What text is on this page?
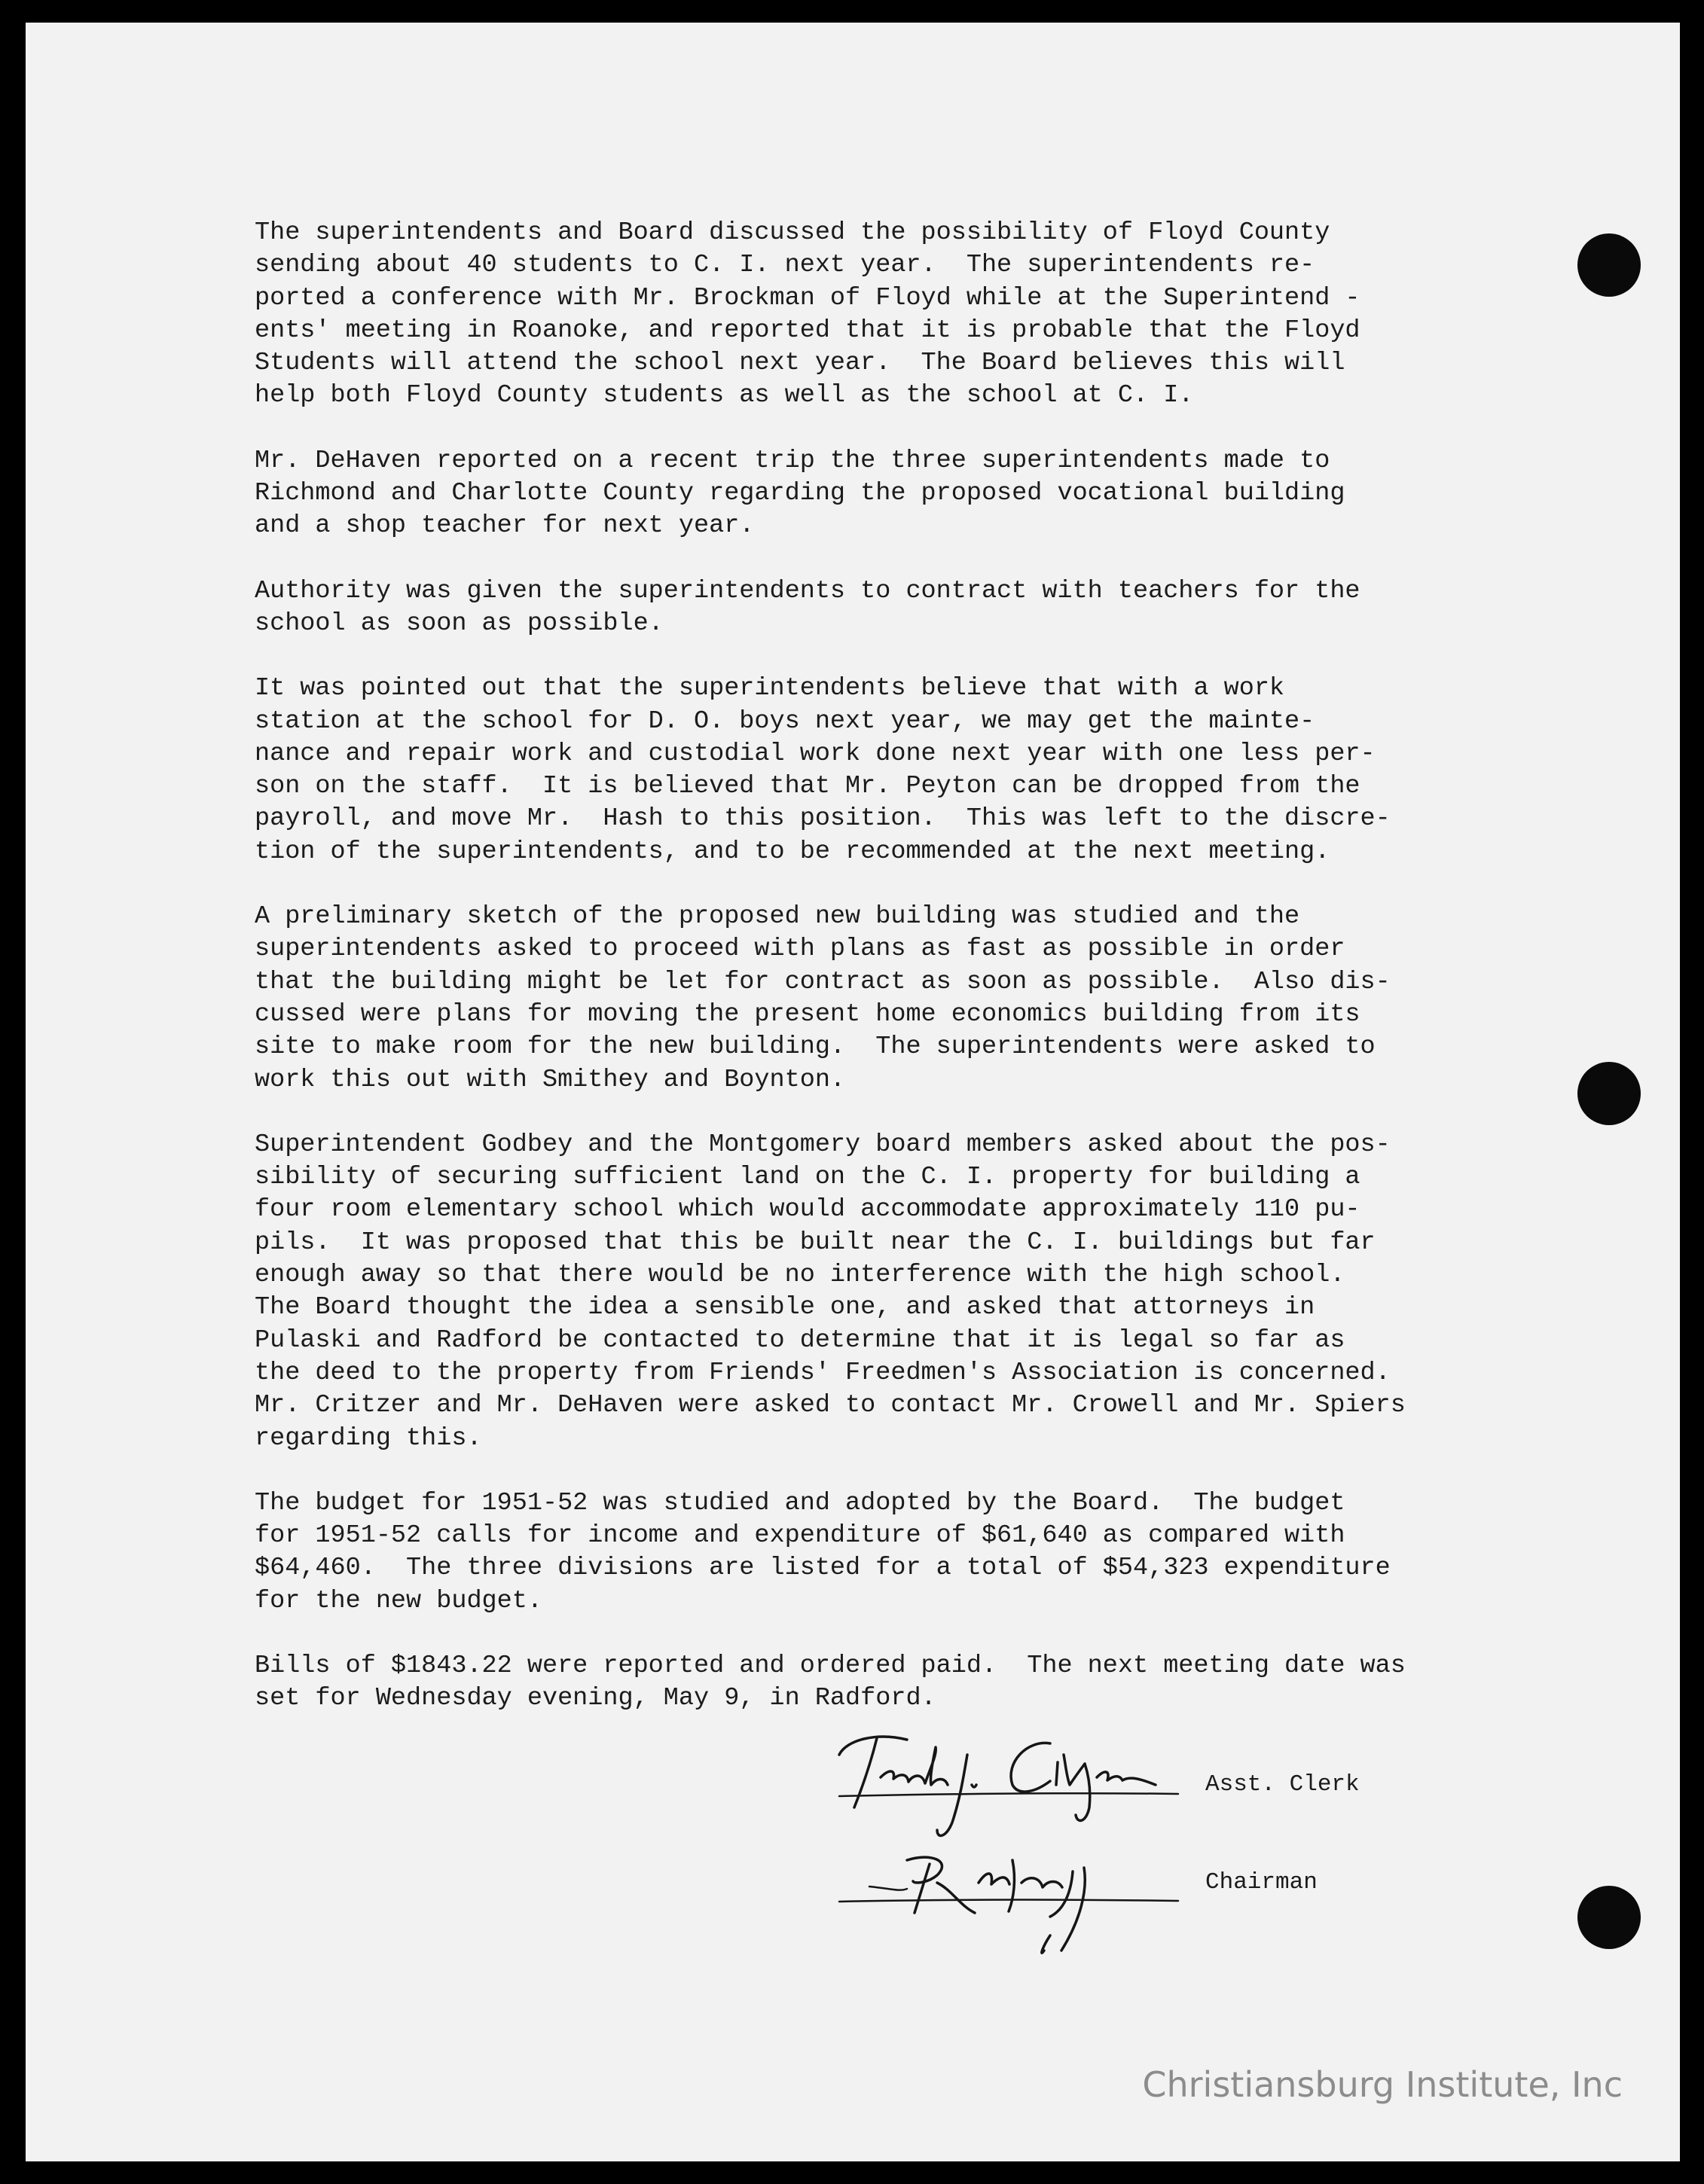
The superintendents and Board discussed the possibility of Floyd County
sending about 40 students to C. I. next year.  The superintendents re-
ported a conference with Mr. Brockman of Floyd while at the Superintend -
ents' meeting in Roanoke, and reported that it is probable that the Floyd
Students will attend the school next year.  The Board believes this will
help both Floyd County students as well as the school at C. I.

Mr. DeHaven reported on a recent trip the three superintendents made to
Richmond and Charlotte County regarding the proposed vocational building
and a shop teacher for next year.

Authority was given the superintendents to contract with teachers for the
school as soon as possible.

It was pointed out that the superintendents believe that with a work
station at the school for D. O. boys next year, we may get the mainte-
nance and repair work and custodial work done next year with one less per-
son on the staff.  It is believed that Mr. Peyton can be dropped from the
payroll, and move Mr.  Hash to this position.  This was left to the discre-
tion of the superintendents, and to be recommended at the next meeting.

A preliminary sketch of the proposed new building was studied and the
superintendents asked to proceed with plans as fast as possible in order
that the building might be let for contract as soon as possible.  Also dis-
cussed were plans for moving the present home economics building from its
site to make room for the new building.  The superintendents were asked to
work this out with Smithey and Boynton.

Superintendent Godbey and the Montgomery board members asked about the pos-
sibility of securing sufficient land on the C. I. property for building a
four room elementary school which would accommodate approximately 110 pu-
pils.  It was proposed that this be built near the C. I. buildings but far
enough away so that there would be no interference with the high school.
The Board thought the idea a sensible one, and asked that attorneys in
Pulaski and Radford be contacted to determine that it is legal so far as
the deed to the property from Friends' Freedmen's Association is concerned.
Mr. Critzer and Mr. DeHaven were asked to contact Mr. Crowell and Mr. Spiers
regarding this.

The budget for 1951-52 was studied and adopted by the Board.  The budget
for 1951-52 calls for income and expenditure of $61,640 as compared with
$64,460.  The three divisions are listed for a total of $54,323 expenditure
for the new budget.

Bills of $1843.22 were reported and ordered paid.  The next meeting date was
set for Wednesday evening, May 9, in Radford.

Asst. Clerk
Chairman
Christiansburg Institute, Inc
